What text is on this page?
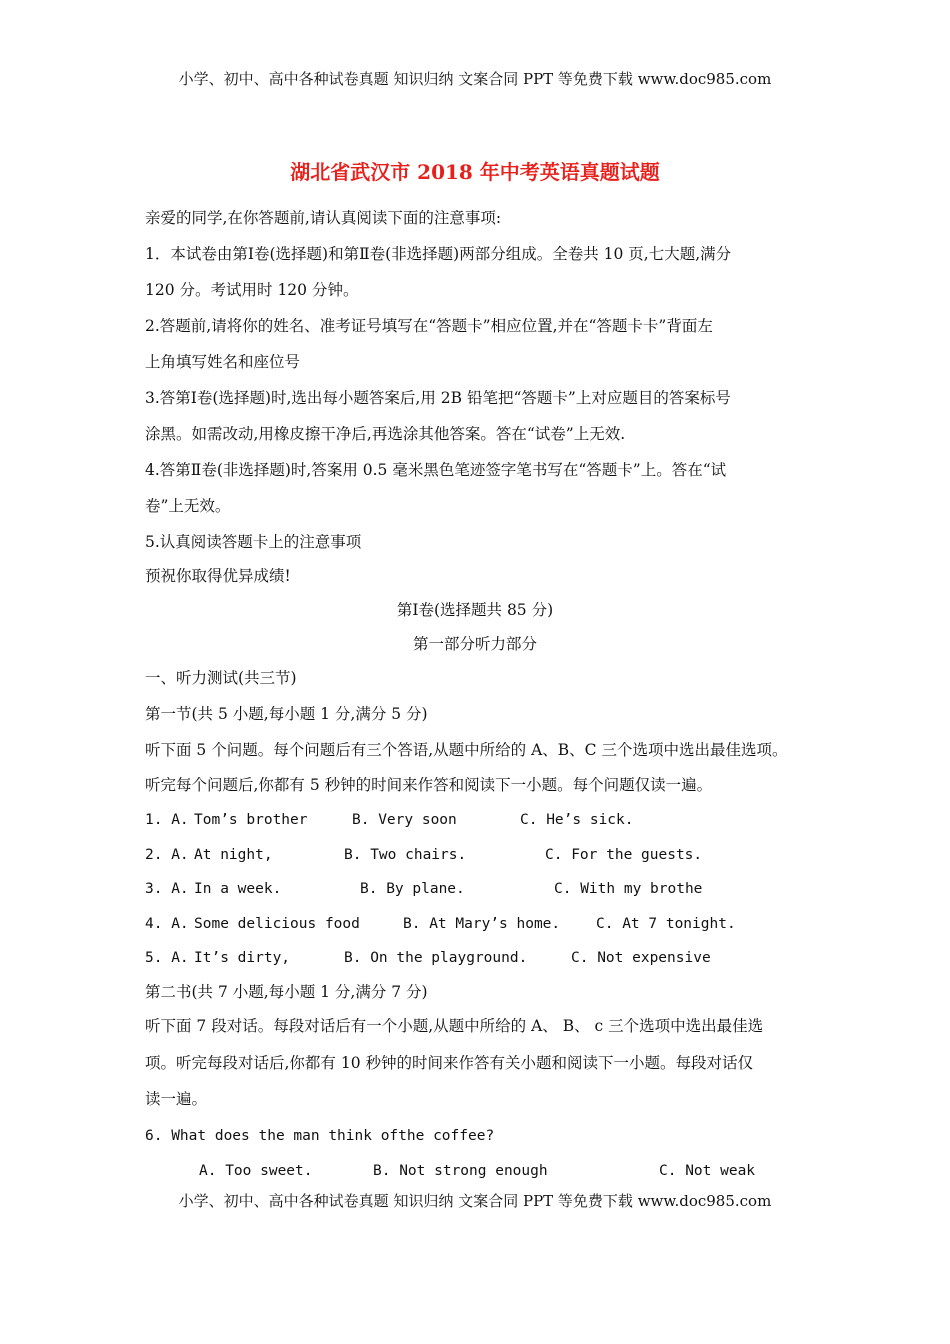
小学、初中、高中各种试卷真题 知识归纳 文案合同 PPT 等免费下载 www.doc985.com
湖北省武汉市 2018 年中考英语真题试题
亲爱的同学,在你答题前,请认真阅读下面的注意事项:
1．本试卷由第Ⅰ卷(选择题)和第Ⅱ卷(非选择题)两部分组成。全卷共 10 页,七大题,满分
120 分。考试用时 120 分钟。
2.答题前,请将你的姓名、准考证号填写在“答题卡”相应位置,并在“答题卡卡”背面左
上角填写姓名和座位号
3.答第Ⅰ卷(选择题)时,选出每小题答案后,用 2B 铅笔把“答题卡”上对应题目的答案标号
涂黑。如需改动,用橡皮擦干净后,再选涂其他答案。答在“试卷”上无效.
4.答第Ⅱ卷(非选择题)时,答案用 0.5 毫米黑色笔迹签字笔书写在“答题卡”上。答在“试
卷”上无效。
5.认真阅读答题卡上的注意事项
预祝你取得优异成绩!
第Ⅰ卷(选择题共 85 分)
第一部分听力部分
一、听力测试(共三节)
第一节(共 5 小题,每小题 1 分,满分 5 分)
听下面 5 个问题。每个问题后有三个答语,从题中所给的 A、B、C 三个选项中选出最佳选项。
听完每个问题后,你都有 5 秒钟的时间来作答和阅读下一小题。每个问题仅读一遍。
1. A. Tom’s brother	B. Very soon	C. He’s sick.
2. A. At night,	B. Two chairs.	C. For the guests.
3. A. In a week.	B. By plane.	C. With my brothe
4. A. Some delicious food	B. At Mary’s home. C. At 7 tonight.
5. A. It’s dirty,	B. On the playground.	C. Not expensive
第二书(共 7 小题,每小题 1 分,满分 7 分)
听下面 7 段对话。每段对话后有一个小题,从题中所给的 A、 B、 c 三个选项中选出最佳选
项。听完每段对话后,你都有 10 秒钟的时间来作答有关小题和阅读下一小题。每段对话仅
读一遍。
6. What does the man think ofthe coffee?
A. Too sweet.	B. Not strong enough	C. Not weak
小学、初中、高中各种试卷真题 知识归纳 文案合同 PPT 等免费下载 www.doc985.com
